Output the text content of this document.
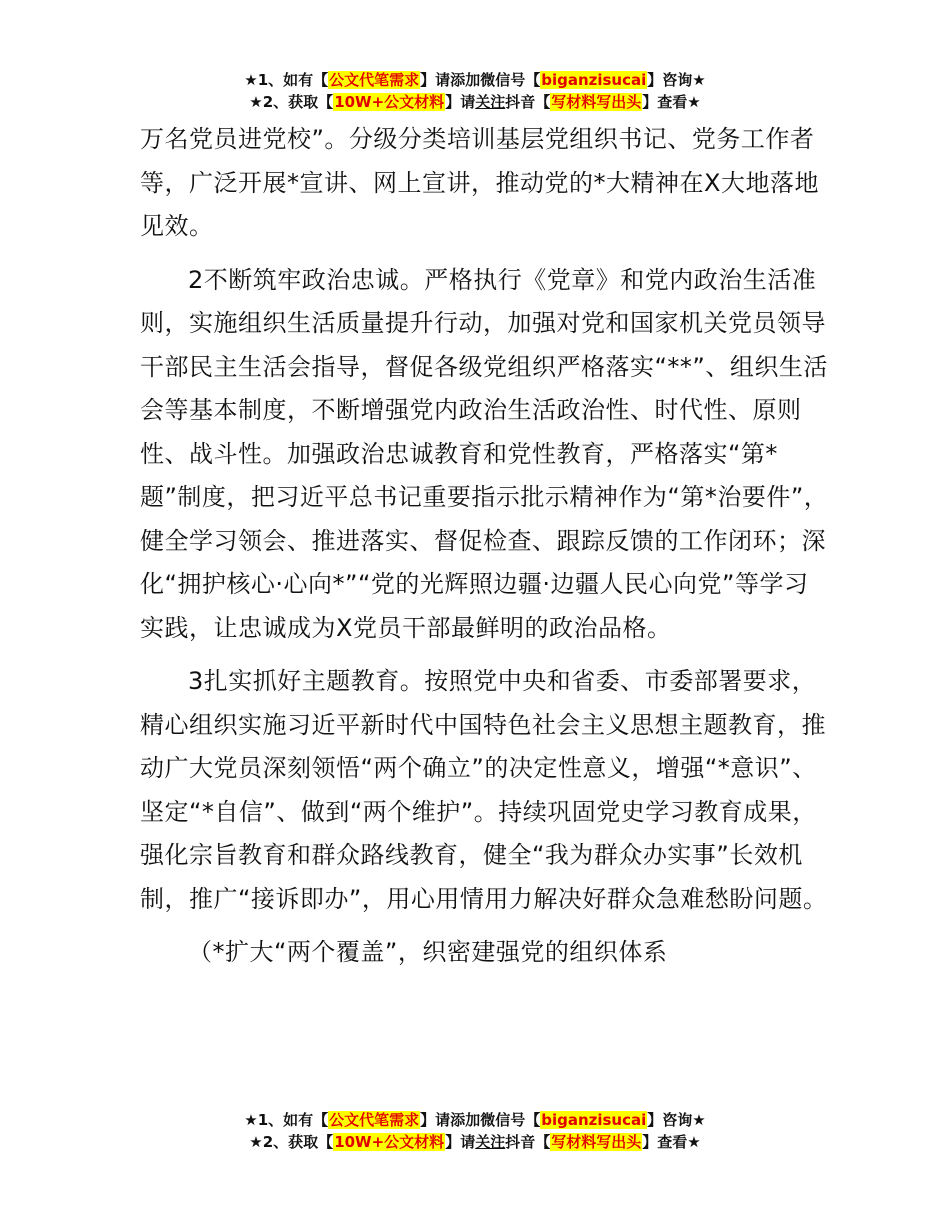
★1、如有【公文代笔需求】请添加微信号【biganzisucai】咨询★
★2、获取【10W+公文材料】请关注抖音【写材料写出头】查看★

万名党员进党校”。分级分类培训基层党组织书记、党务工作者等，广泛开展*宣讲、网上宣讲，推动党的*大精神在X大地落地见效。

2不断筑牢政治忠诚。严格执行《党章》和党内政治生活准则，实施组织生活质量提升行动，加强对党和国家机关党员领导干部民主生活会指导，督促各级党组织严格落实“**”、组织生活会等基本制度，不断增强党内政治生活政治性、时代性、原则性、战斗性。加强政治忠诚教育和党性教育，严格落实“第*题”制度，把习近平总书记重要指示批示精神作为“第*治要件”，健全学习领会、推进落实、督促检查、跟踪反馈的工作闭环；深化“拥护核心·心向*”“党的光辉照边疆·边疆人民心向党”等学习实践，让忠诚成为X党员干部最鲜明的政治品格。

3扎实抓好主题教育。按照党中央和省委、市委部署要求，精心组织实施习近平新时代中国特色社会主义思想主题教育，推动广大党员深刻领悟“两个确立”的决定性意义，增强“*意识”、坚定“*自信”、做到“两个维护”。持续巩固党史学习教育成果，强化宗旨教育和群众路线教育，健全“我为群众办实事”长效机制，推广“接诉即办”，用心用情用力解决好群众急难愁盼问题。

（*扩大“两个覆盖”，织密建强党的组织体系

★1、如有【公文代笔需求】请添加微信号【biganzisucai】咨询★
★2、获取【10W+公文材料】请关注抖音【写材料写出头】查看★
